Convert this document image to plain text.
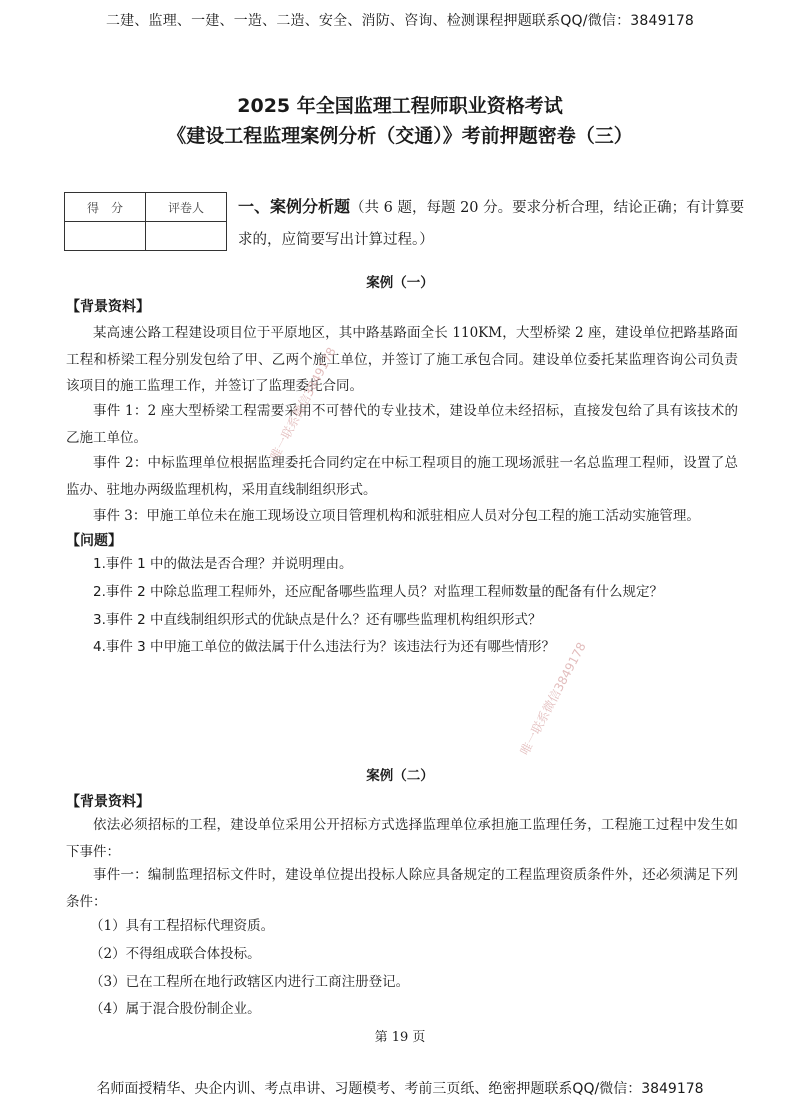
二建、监理、一建、一造、二造、安全、消防、咨询、检测课程押题联系QQ/微信：3849178
2025 年全国监理工程师职业资格考试
《建设工程监理案例分析（交通）》考前押题密卷（三）
得　分	评卷人
	一、案例分析题（共 6 题，每题 20 分。要求分析合理，结论正确；有计算要求的，应简要写出计算过程。）
案例（一）
【背景资料】
某高速公路工程建设项目位于平原地区，其中路基路面全长 110KM，大型桥梁 2 座，建设单位把路基路面工程和桥梁工程分别发包给了甲、乙两个施工单位，并签订了施工承包合同。建设单位委托某监理咨询公司负责该项目的施工监理工作，并签订了监理委托合同。
事件 1：2 座大型桥梁工程需要采用不可替代的专业技术，建设单位未经招标，直接发包给了具有该技术的乙施工单位。
事件 2：中标监理单位根据监理委托合同约定在中标工程项目的施工现场派驻一名总监理工程师，设置了总监办、驻地办两级监理机构，采用直线制组织形式。
事件 3：甲施工单位未在施工现场设立项目管理机构和派驻相应人员对分包工程的施工活动实施管理。
【问题】
1.事件 1 中的做法是否合理？并说明理由。
2.事件 2 中除总监理工程师外，还应配备哪些监理人员？对监理工程师数量的配备有什么规定？
3.事件 2 中直线制组织形式的优缺点是什么？还有哪些监理机构组织形式？
4.事件 3 中甲施工单位的做法属于什么违法行为？该违法行为还有哪些情形？
案例（二）
【背景资料】
依法必须招标的工程，建设单位采用公开招标方式选择监理单位承担施工监理任务，工程施工过程中发生如下事件：
事件一：编制监理招标文件时，建设单位提出投标人除应具备规定的工程监理资质条件外，还必须满足下列条件：
（1）具有工程招标代理资质。
（2）不得组成联合体投标。
（3）已在工程所在地行政辖区内进行工商注册登记。
（4）属于混合股份制企业。
第 19 页
名师面授精华、央企内训、考点串讲、习题模考、考前三页纸、绝密押题联系QQ/微信：3849178
唯一联系微信3849178
唯一联系微信3849178
